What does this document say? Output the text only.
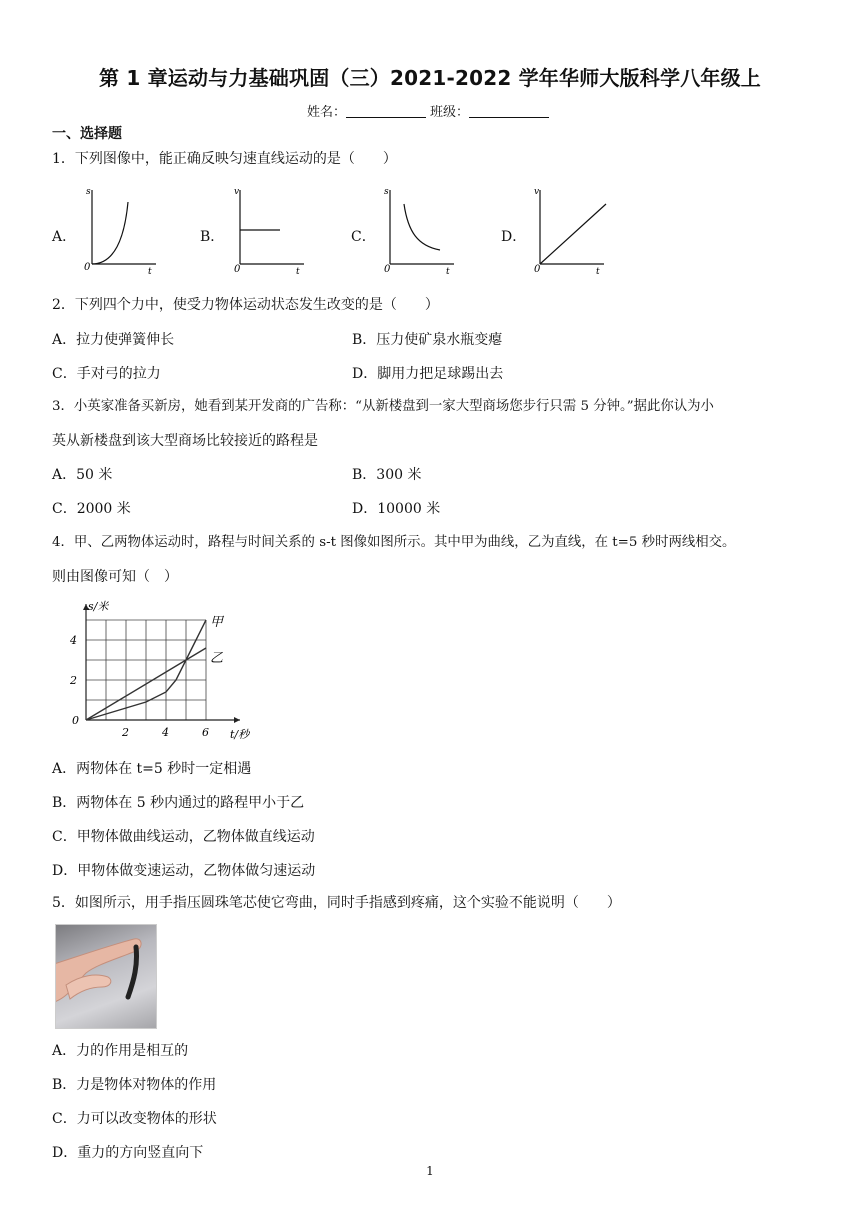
第 1 章运动与力基础巩固（三）2021-2022 学年华师大版科学八年级上
姓名：	班级：
一、选择题
1．下列图像中，能正确反映匀速直线运动的是（　　）
A．
s
t
0
B．
v
t
0
C．
s
t
0
D．
v
t
0
2．下列四个力中，使受力物体运动状态发生改变的是（　　）
A．拉力使弹簧伸长	B．压力使矿泉水瓶变瘪
C．手对弓的拉力	D．脚用力把足球踢出去
3．小英家准备买新房，她看到某开发商的广告称：“从新楼盘到一家大型商场您步行只需 5 分钟。”据此你认为小
英从新楼盘到该大型商场比较接近的路程是
A．50 米	B．300 米
C．2000 米	D．10000 米
4．甲、乙两物体运动时，路程与时间关系的 s-t 图像如图所示。其中甲为曲线，乙为直线，在 t=5 秒时两线相交。
则由图像可知（　）
0
2	4	6
2
4
甲
乙
s/米
t/秒
A．两物体在 t=5 秒时一定相遇
B．两物体在 5 秒内通过的路程甲小于乙
C．甲物体做曲线运动，乙物体做直线运动
D．甲物体做变速运动，乙物体做匀速运动
5．如图所示，用手指压圆珠笔芯使它弯曲，同时手指感到疼痛，这个实验不能说明（　　）
A．力的作用是相互的
B．力是物体对物体的作用
C．力可以改变物体的形状
D．重力的方向竖直向下
1
